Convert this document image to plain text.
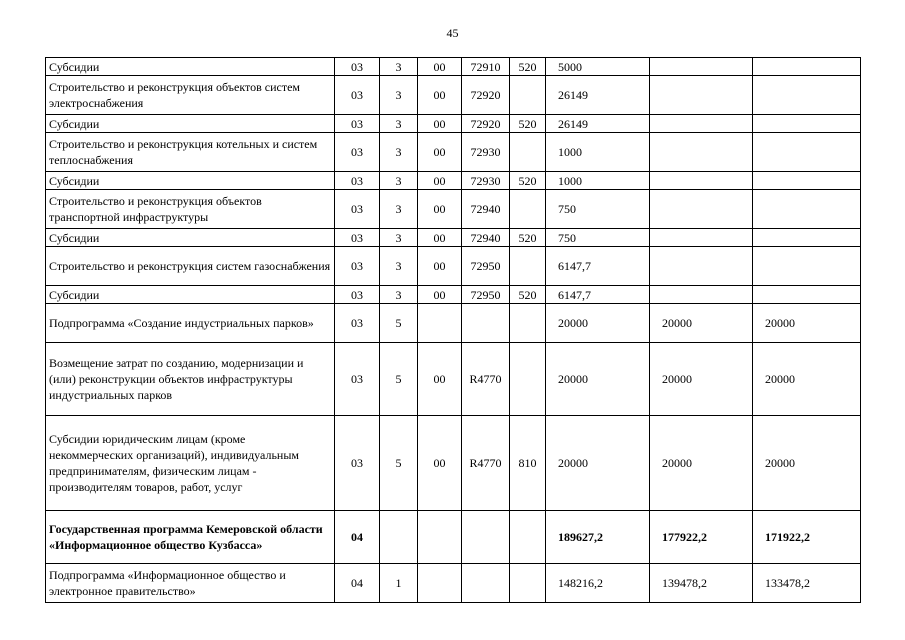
45
Субсидии	03	3	00	72910	520	5000		
Строительство и реконструкция объектов систем электроснабжения	03	3	00	72920		26149		
Субсидии	03	3	00	72920	520	26149		
Строительство и реконструкция котельных и систем теплоснабжения	03	3	00	72930		1000		
Субсидии	03	3	00	72930	520	1000		
Строительство и реконструкция объектов транспортной инфраструктуры	03	3	00	72940		750		
Субсидии	03	3	00	72940	520	750		
Строительство и реконструкция систем газоснабжения	03	3	00	72950		6147,7		
Субсидии	03	3	00	72950	520	6147,7		
Подпрограмма «Создание индустриальных парков»	03	5				20000	20000	20000
Возмещение затрат по созданию, модернизации и (или) реконструкции объектов инфраструктуры индустриальных парков	03	5	00	R4770		20000	20000	20000
Субсидии юридическим лицам (кроме некоммерческих организаций), индивидуальным предпринимателям, физическим лицам - производителям товаров, работ, услуг	03	5	00	R4770	810	20000	20000	20000
Государственная программа Кемеровской области «Информационное общество Кузбасса»	04					189627,2	177922,2	171922,2
Подпрограмма «Информационное общество и электронное правительство»	04	1				148216,2	139478,2	133478,2
